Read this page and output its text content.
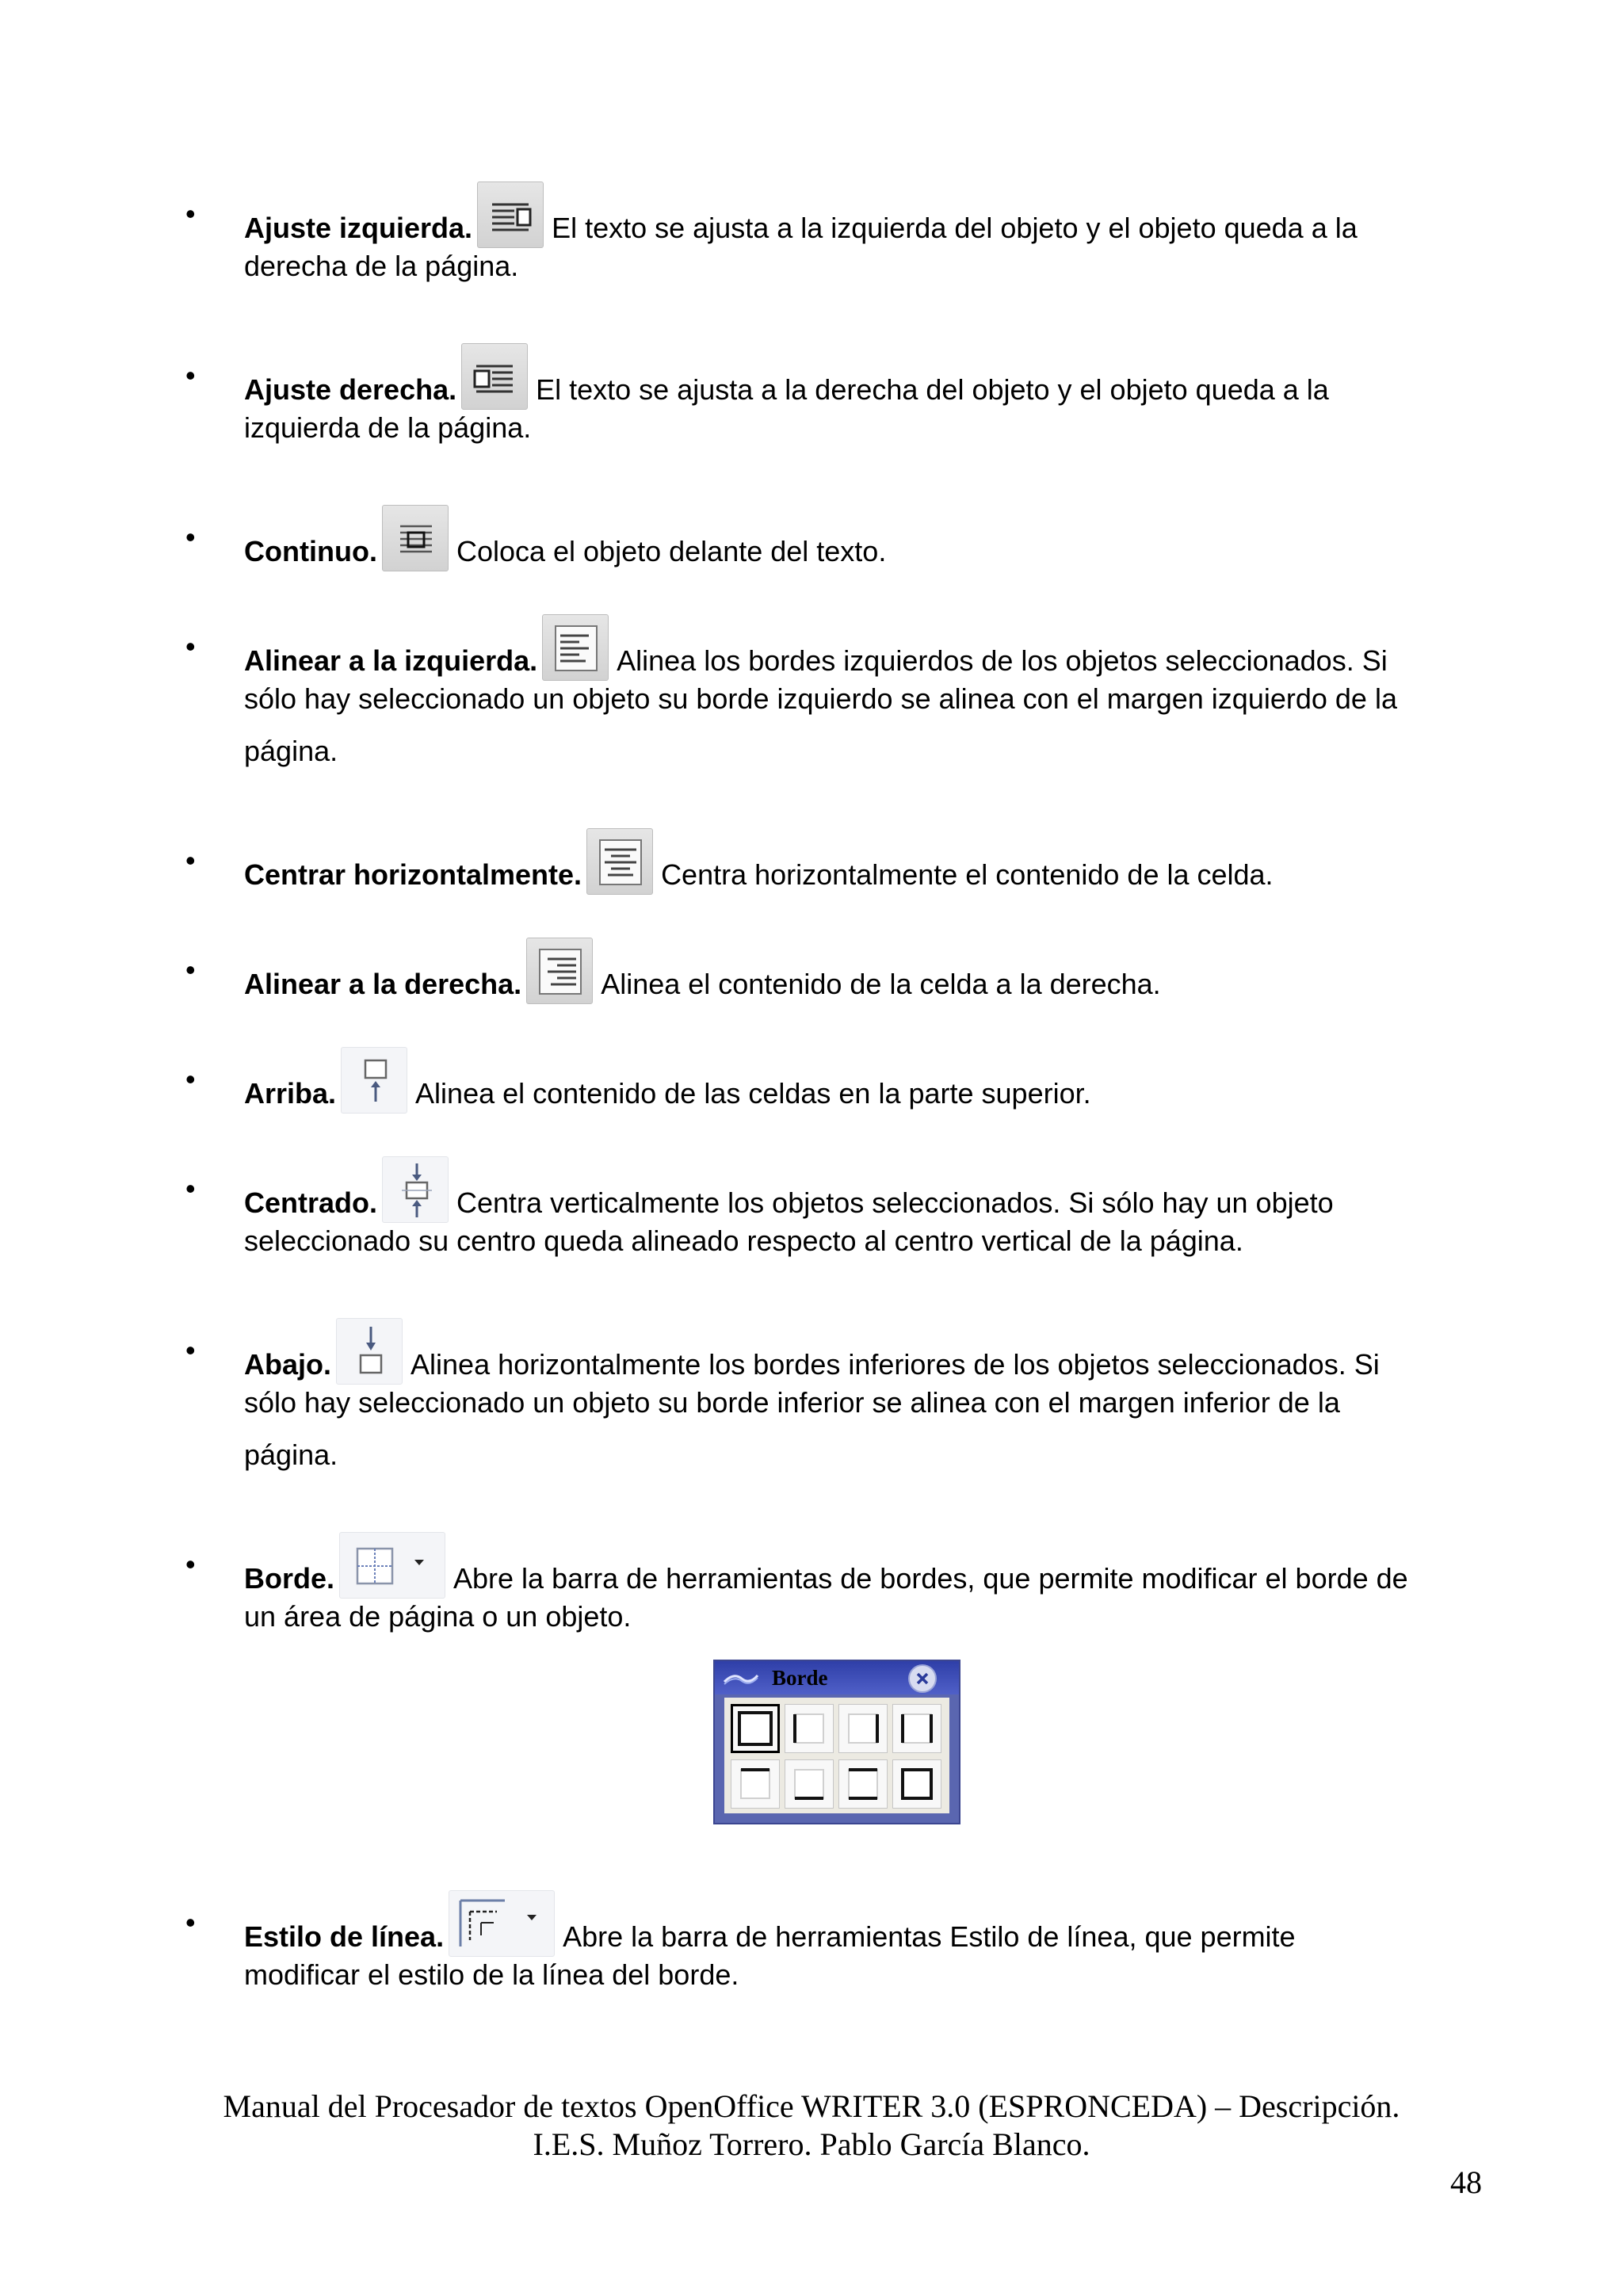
•	Ajuste izquierda.	El texto se ajusta a la izquierda del objeto y el objeto queda a la
derecha de la página.
•	Ajuste derecha.	El texto se ajusta a la derecha del objeto y el objeto queda a la
izquierda de la página.
•	Continuo.	Coloca el objeto delante del texto.
•	Alinear a la izquierda.	Alinea los bordes izquierdos de los objetos seleccionados. Si
sólo hay seleccionado un objeto su borde izquierdo se alinea con el margen izquierdo de la
página.
•	Centrar horizontalmente.	Centra horizontalmente el contenido de la celda.
•	Alinear a la derecha.	Alinea el contenido de la celda a la derecha.
•	Arriba.	Alinea el contenido de las celdas en la parte superior.
•	Centrado.	Centra verticalmente los objetos seleccionados. Si sólo hay un objeto
seleccionado su centro queda alineado respecto al centro vertical de la página.
•	Abajo.	Alinea horizontalmente los bordes inferiores de los objetos seleccionados. Si
sólo hay seleccionado un objeto su borde inferior se alinea con el margen inferior de la
página.
•	Borde.	Abre la barra de herramientas de bordes, que permite modificar el borde de
un área de página o un objeto.
Borde
•	Estilo de línea.	Abre la barra de herramientas Estilo de línea, que permite
modificar el estilo de la línea del borde.
Manual del Procesador de textos OpenOffice WRITER 3.0 (ESPRONCEDA) – Descripción.
I.E.S. Muñoz Torrero. Pablo García Blanco.
48
